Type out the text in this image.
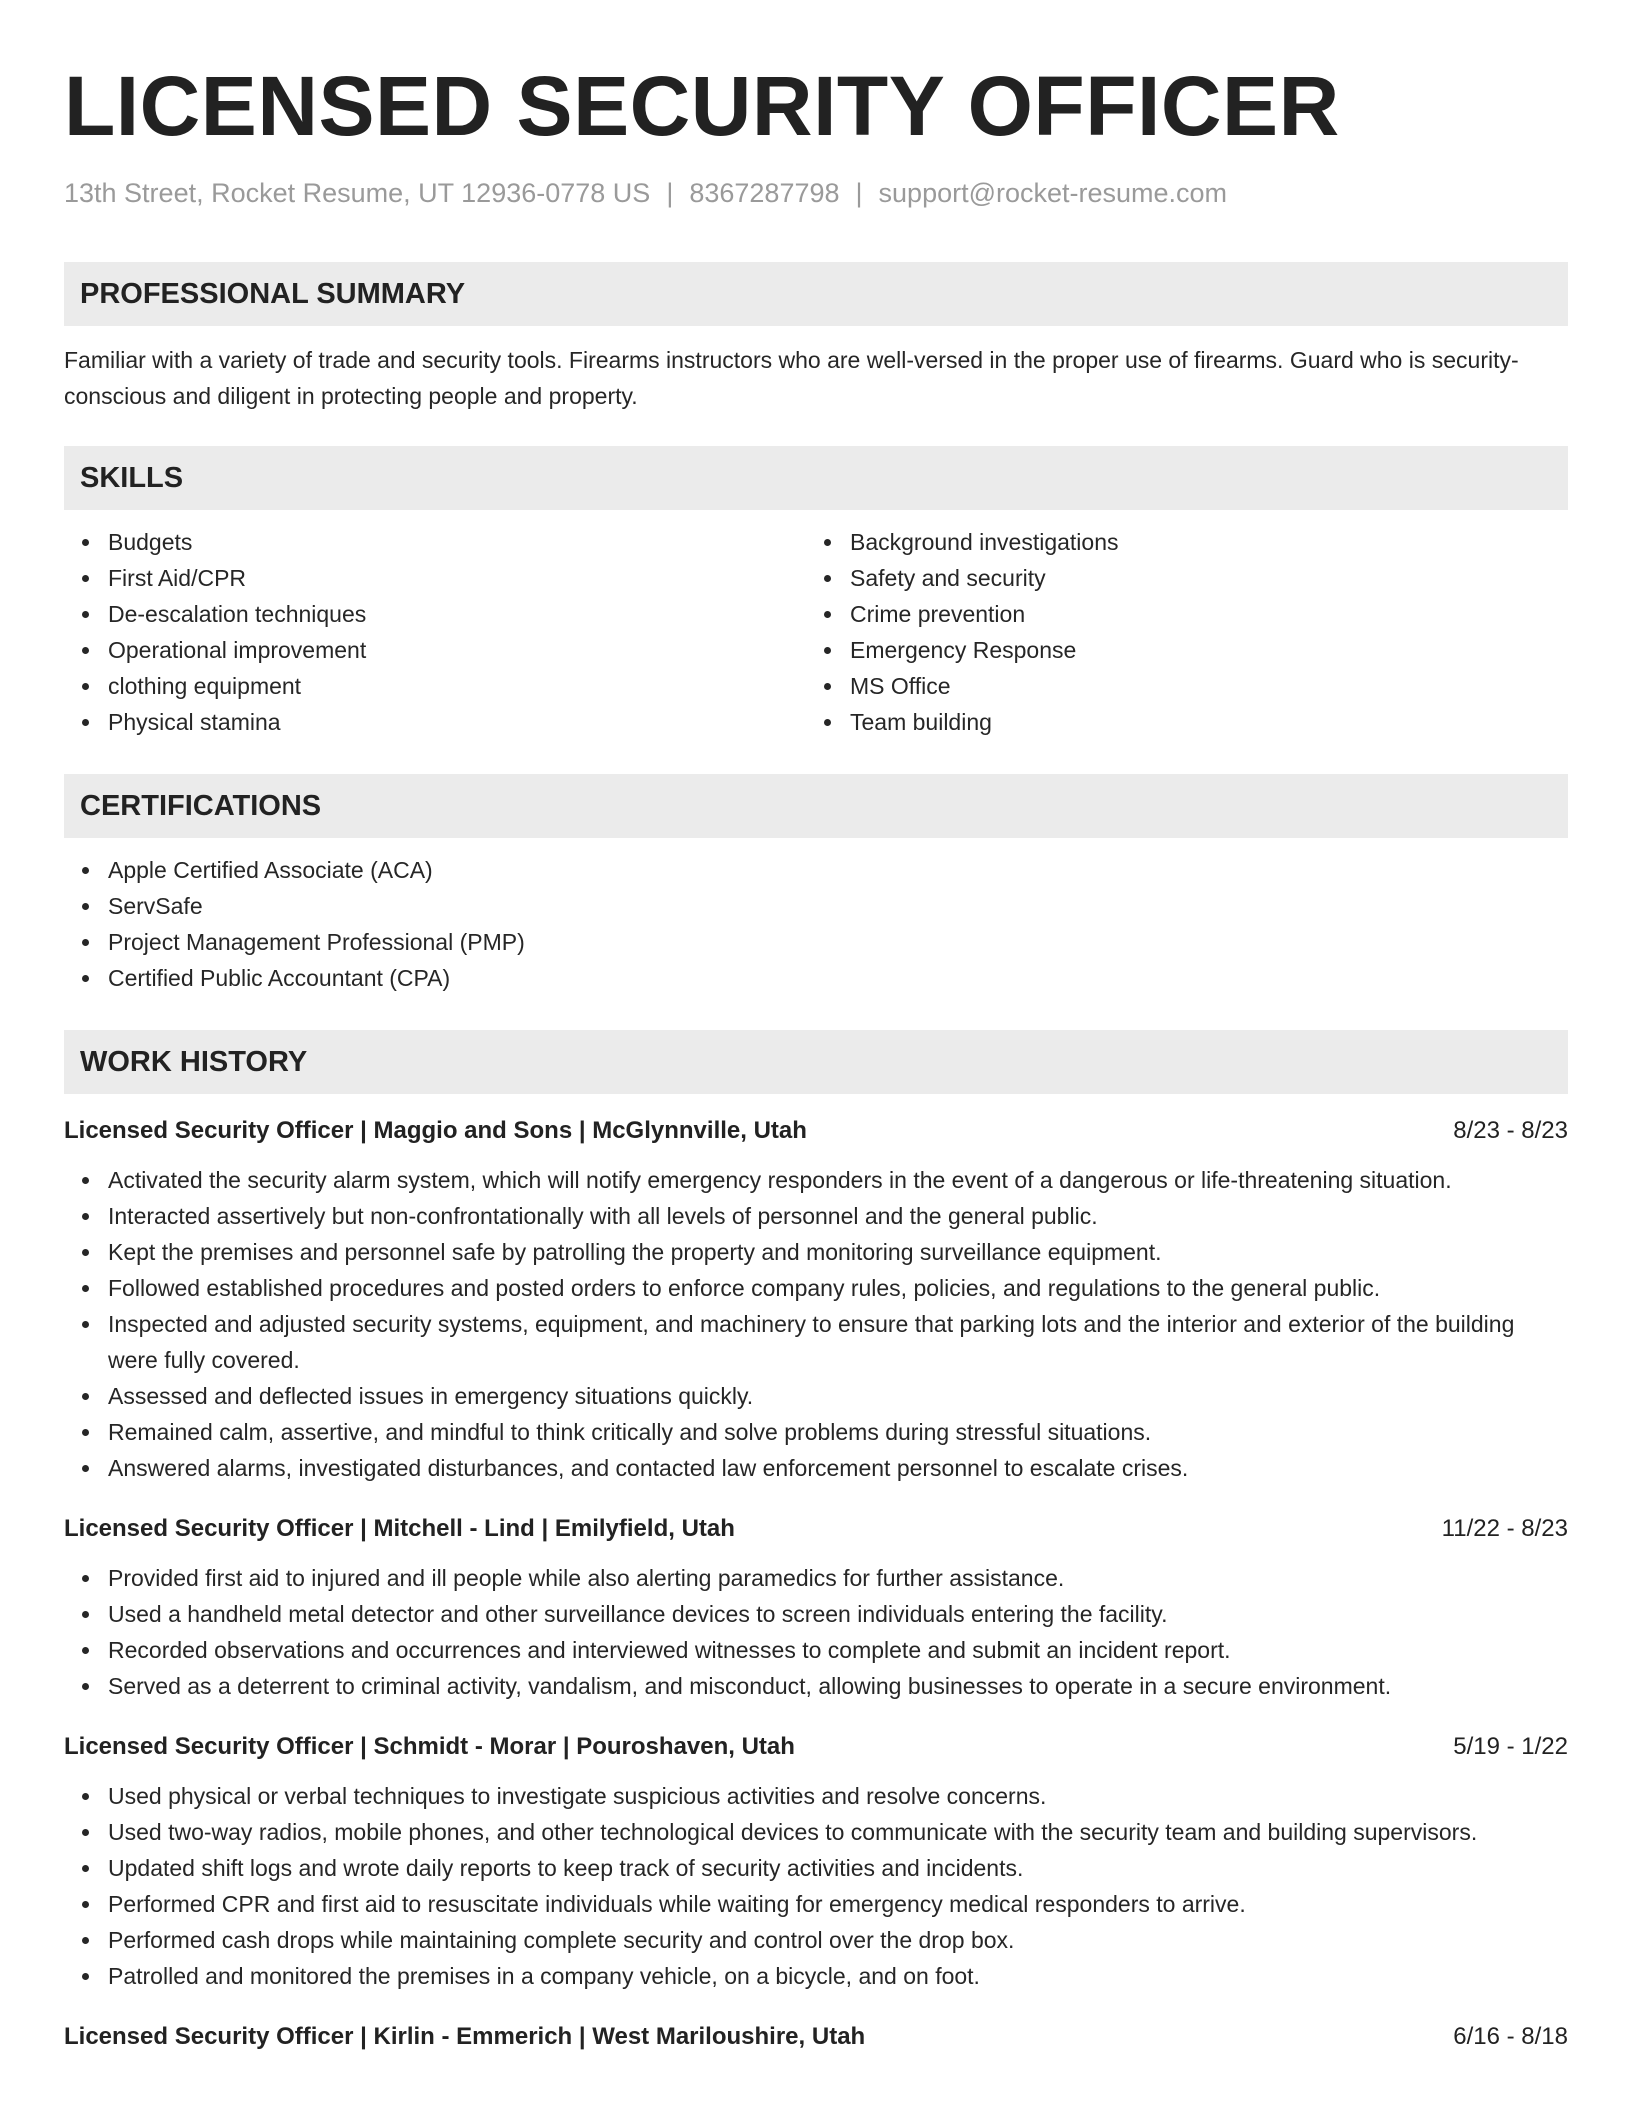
LICENSED SECURITY OFFICER
13th Street, Rocket Resume, UT 12936-0778 US | 8367287798 | support@rocket-resume.com
PROFESSIONAL SUMMARY

Familiar with a variety of trade and security tools. Firearms instructors who are well-versed in the proper use of firearms. Guard who is security-conscious and diligent in protecting people and property.

SKILLS
Budgets
First Aid/CPR
De-escalation techniques
Operational improvement
clothing equipment
Physical stamina
Background investigations
Safety and security
Crime prevention
Emergency Response
MS Office
Team building
CERTIFICATIONS
Apple Certified Associate (ACA)
ServSafe
Project Management Professional (PMP)
Certified Public Accountant (CPA)
WORK HISTORY
Licensed Security Officer | Maggio and Sons | McGlynnville, Utah	8/23 - 8/23
Activated the security alarm system, which will notify emergency responders in the event of a dangerous or life-threatening situation.
Interacted assertively but non-confrontationally with all levels of personnel and the general public.
Kept the premises and personnel safe by patrolling the property and monitoring surveillance equipment.
Followed established procedures and posted orders to enforce company rules, policies, and regulations to the general public.
Inspected and adjusted security systems, equipment, and machinery to ensure that parking lots and the interior and exterior of the building were fully covered.
Assessed and deflected issues in emergency situations quickly.
Remained calm, assertive, and mindful to think critically and solve problems during stressful situations.
Answered alarms, investigated disturbances, and contacted law enforcement personnel to escalate crises.
Licensed Security Officer | Mitchell - Lind | Emilyfield, Utah	11/22 - 8/23
Provided first aid to injured and ill people while also alerting paramedics for further assistance.
Used a handheld metal detector and other surveillance devices to screen individuals entering the facility.
Recorded observations and occurrences and interviewed witnesses to complete and submit an incident report.
Served as a deterrent to criminal activity, vandalism, and misconduct, allowing businesses to operate in a secure environment.
Licensed Security Officer | Schmidt - Morar | Pouroshaven, Utah	5/19 - 1/22
Used physical or verbal techniques to investigate suspicious activities and resolve concerns.
Used two-way radios, mobile phones, and other technological devices to communicate with the security team and building supervisors.
Updated shift logs and wrote daily reports to keep track of security activities and incidents.
Performed CPR and first aid to resuscitate individuals while waiting for emergency medical responders to arrive.
Performed cash drops while maintaining complete security and control over the drop box.
Patrolled and monitored the premises in a company vehicle, on a bicycle, and on foot.
Licensed Security Officer | Kirlin - Emmerich | West Mariloushire, Utah	6/16 - 8/18
